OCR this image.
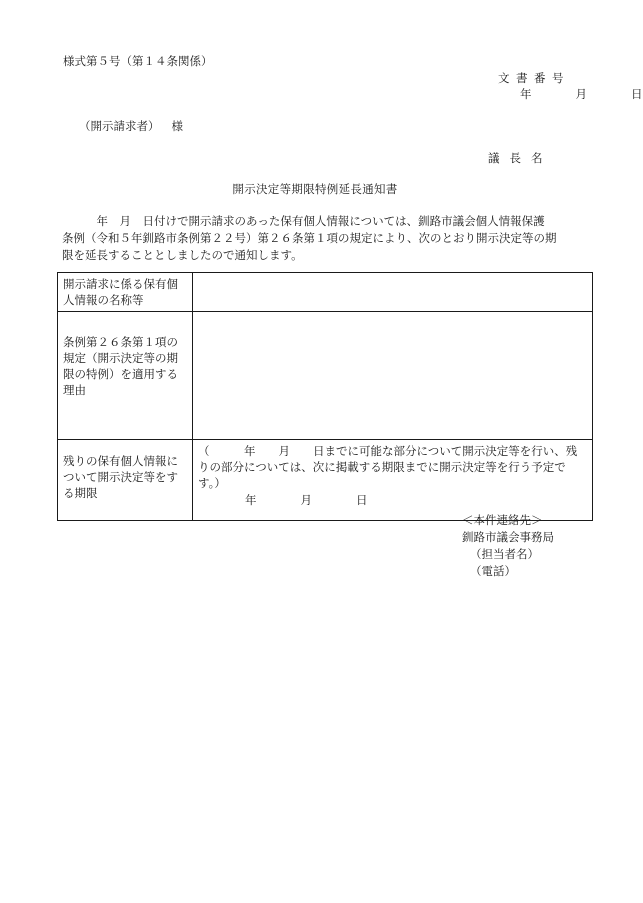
様式第５号（第１４条関係）
文書番号
年	月	日
（開示請求者） 様
議長名
開示決定等期限特例延長通知書
　　　年　月　日付けで開示請求のあった保有個人情報については、釧路市議会個人情報保護
条例（令和５年釧路市条例第２２号）第２６条第１項の規定により、次のとおり開示決定等の期
限を延長することとしましたので通知します。
開示請求に係る保有個
人情報の名称等	

条例第２６条第１項の
規定（開示決定等の期
限の特例）を適用する
理由	

残りの保有個人情報に
ついて開示決定等をす
る期限	（　　　年　　月　　日までに可能な部分について開示決定等を行い、残
りの部分については、次に掲載する期限までに開示決定等を行う予定で
す。）
年 月 日
＜本件連絡先＞
釧路市議会事務局
（担当者名）
（電話）
